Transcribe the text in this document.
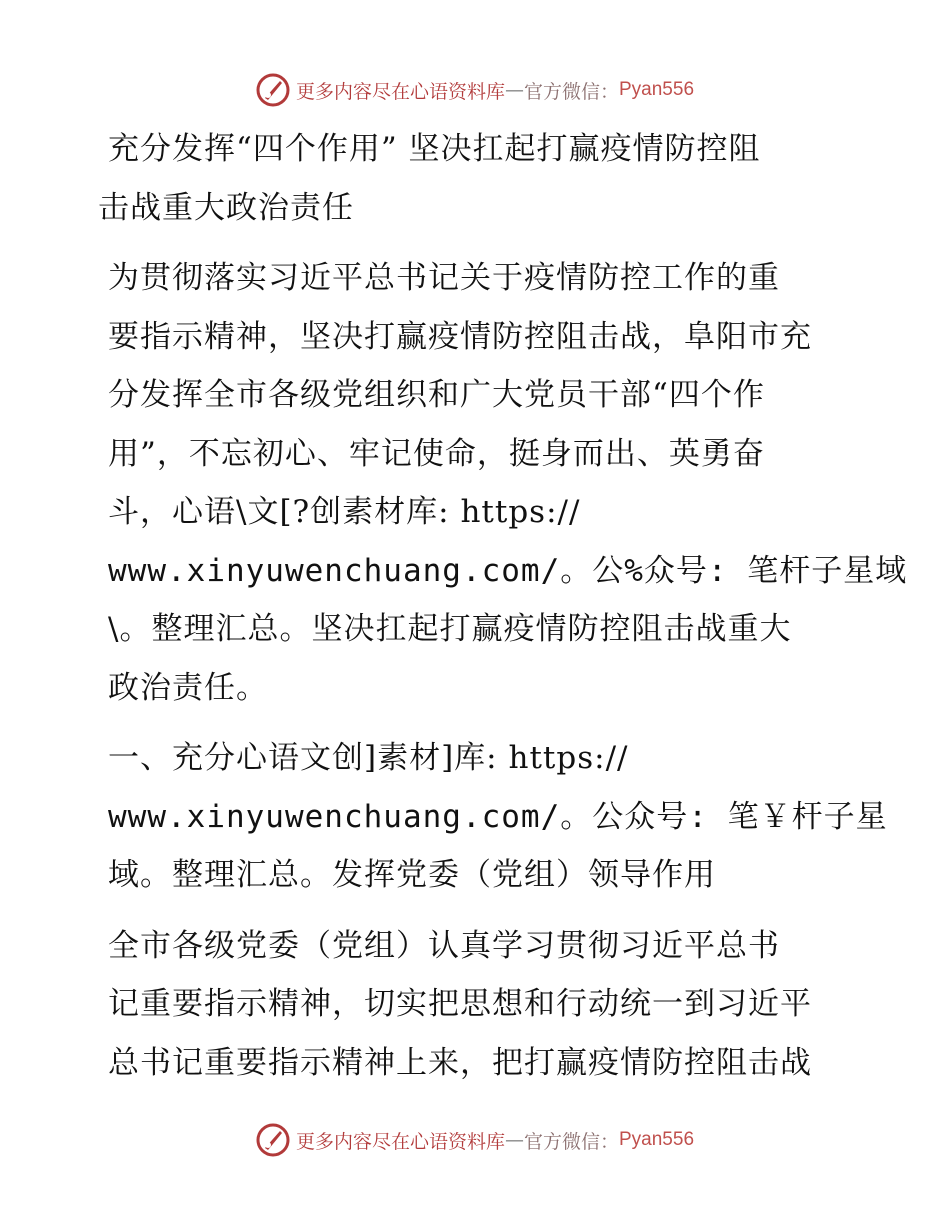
更多内容尽在心语资料库 — 官方微信： Pyan556
充分发挥“四个作用” 坚决扛起打赢疫情防控阻
击战重大政治责任
为贯彻落实习近平总书记关于疫情防控工作的重
要指示精神，坚决打赢疫情防控阻击战，阜阳市充
分发挥全市各级党组织和广大党员干部“四个作
用”，不忘初心、牢记使命，挺身而出、英勇奋
斗，心语\文[?创素材库: https://
www.xinyuwenchuang.com/。公%众号: 笔杆子星域
\。整理汇总。坚决扛起打赢疫情防控阻击战重大
政治责任。
一、充分心语文创]素材]库: https://
www.xinyuwenchuang.com/。公众号: 笔￥杆子星
域。整理汇总。发挥党委（党组）领导作用
全市各级党委（党组）认真学习贯彻习近平总书
记重要指示精神，切实把思想和行动统一到习近平
总书记重要指示精神上来，把打赢疫情防控阻击战
更多内容尽在心语资料库 — 官方微信： Pyan556
